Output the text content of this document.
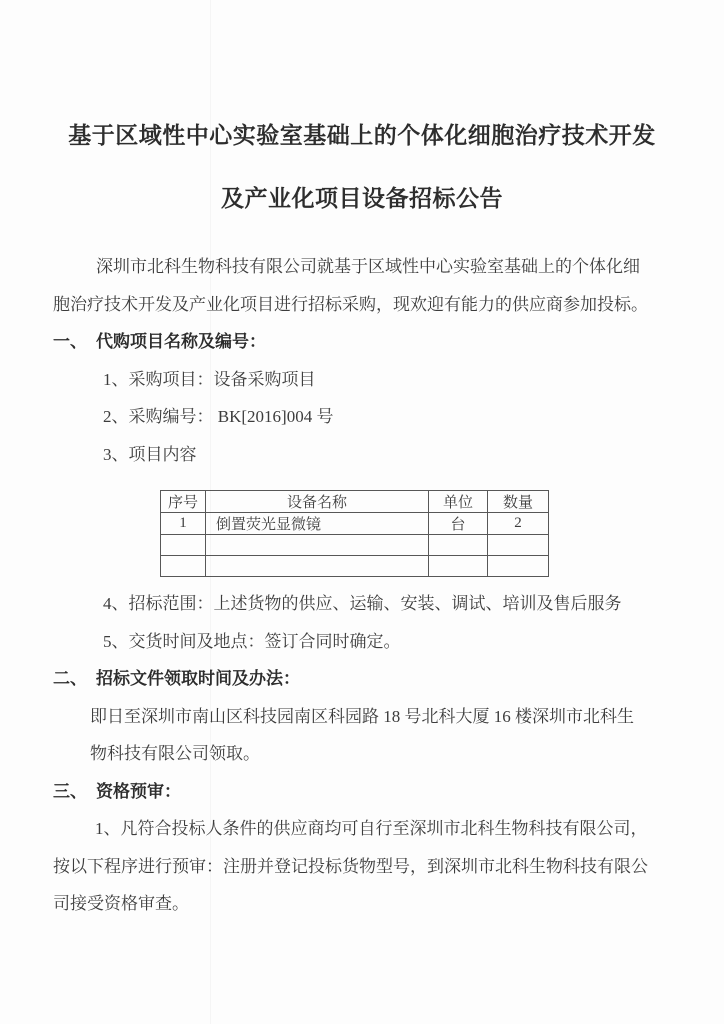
基于区域性中心实验室基础上的个体化细胞治疗技术开发
及产业化项目设备招标公告
深圳市北科生物科技有限公司就基于区域性中心实验室基础上的个体化细
胞治疗技术开发及产业化项目进行招标采购，现欢迎有能力的供应商参加投标。
一、 代购项目名称及编号：
1、采购项目：设备采购项目
2、采购编号： BK[2016]004 号
3、项目内容
序号	设备名称	单位	数量
1	倒置荧光显微镜	台	2

4、招标范围：上述货物的供应、运输、安装、调试、培训及售后服务
5、交货时间及地点：签订合同时确定。
二、 招标文件领取时间及办法：
即日至深圳市南山区科技园南区科园路 18 号北科大厦 16 楼深圳市北科生
物科技有限公司领取。
三、 资格预审：
1、凡符合投标人条件的供应商均可自行至深圳市北科生物科技有限公司，
按以下程序进行预审：注册并登记投标货物型号，到深圳市北科生物科技有限公
司接受资格审查。
